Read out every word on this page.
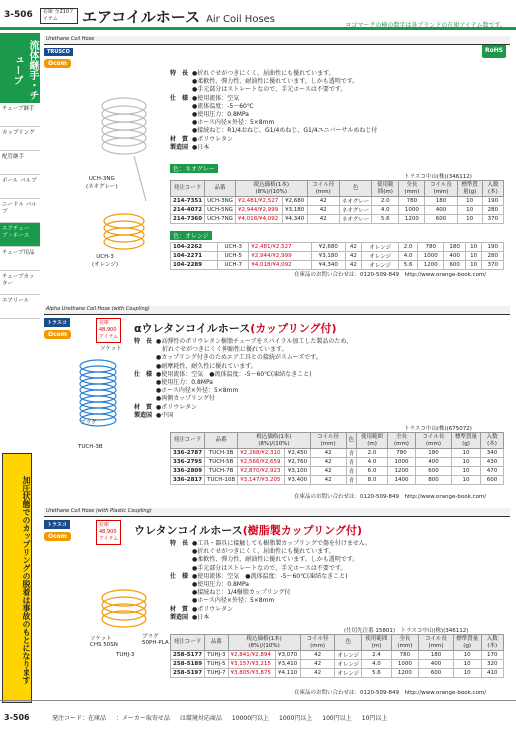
3-506	在庫 全210アイテム	エアコイルホース Air Coil Hoses
ロゴマークの横の数字は各ブランドの在庫アイテム数です。
RoHS
流体継手・チューブ
チューブ継手
カップリング
配管継手
ボール バルブ
ニードル バルブ
エアチューブ・ホース
チューブ用品
チューブカッター
エアリール
加圧状態でのカップリングの脱着は事故のもとになります
Urethane Coil Hose
TRUSCO
Ocom
特　長 ●折れぐせがつきにくく、屈曲性にも優れています。
●柔軟性、弾力性、耐油性に優れています。しかも透明です。
●手元部分はストレートなので、手元ホースは不要です。
仕　様 ●使用流体：空気
●流体温度：-5～60℃
●使用圧力：0.8MPa
●ホース内径×外径：5×8mm
●接続ねじ：R1/4おねじ、G1/4めねじ、G1/4ユニバーサルめねじ付
材　質 ●ポリウレタン
製造国 ●日本
UCH-3NG
(ネオグレー)
UCH-3
(オレンジ)
色：ネオグレー
トラスコ中山(株)(346112)
発注コード	品番	税込価格(1本) (8%)/(10%)		コイル径(mm)	色	使用範囲(m)	全長(mm)	コイル長(mm)	標準質量(g)	入数(本)
214-7351	UCH-3NG	¥2,481/¥2,527	¥2,680	42	ネオグレー	2.0	780	180	10	190
214-4072	UCH-5NG	¥2,944/¥2,999	¥3,180	42	ネオグレー	4.0	1000	400	10	280
214-7360	UCH-7NG	¥4,018/¥4,092	¥4,340	42	ネオグレー	5.6	1200	600	10	370
色：オレンジ
104-2262	UCH-3	¥2,481/¥2,527	¥2,680	42	オレンジ	2.0	780	180	10	190
104-2271	UCH-5	¥2,944/¥2,999	¥3,180	42	オレンジ	4.0	1000	400	10	280
104-2289	UCH-7	¥4,018/¥4,092	¥4,340	42	オレンジ	5.6	1200	600	10	370
在庫品のお問い合わせは：0120-509-849　http://www.orange-book.com/
Alpha Urethane Coil Hose (with Coupling)
トラスコ
Ocom
在庫
48,900
アイテム
αウレタンコイルホース(カップリング付)
特　長 ●高弾性のポリウレタン樹脂チューブをスパイラル加工した製品のため、
　折れぐせがつきにくく伸縮性に優れています。
●カップリング付きのためエア工具との接続がスムーズです。
●耐摩耗性、耐久性に優れています。
仕　様 ●使用流体：空気　●流体温度：-5～60℃(凍結なきこと)
●使用圧力：0.8MPa
●ホース内径×外径：5×8mm
●両側カップリング付
材　質 ●ポリウレタン
製造国 ●中国
ソケット
プラグ
TUCH-3B
トラスコ中山(株)(675072)
発注コード	品番	税込価格(1本) (8%)/(10%)		コイル径(mm)	色	使用範囲(m)	全長(mm)	コイル長(mm)	標準質量(g)	入数(本)
336-2787	TUCH-3B	¥2,268/¥2,310	¥2,450	42	青	2.0	780	180	10	340
336-2795	TUCH-5B	¥2,566/¥2,659	¥2,760	42	青	4.0	1000	400	10	430
336-2809	TUCH-7B	¥2,870/¥2,923	¥3,100	42	青	6.0	1200	600	10	470
336-2817	TUCH-10B	¥3,147/¥3,205	¥3,400	42	青	8.0	1400	800	10	600
在庫品のお問い合わせは：0120-509-849　http://www.orange-book.com/
Urethane Coil Hose (with Plastic Coupling)
トラスコ
Ocom
在庫
48,900
アイテム
ウレタンコイルホース(樹脂製カップリング付)
特　長 ●工具・器具に接触しても樹脂製カップリングで傷を付けません。
●折れぐせがつきにくく、屈曲性にも優れています。
●柔軟性、弾力性、耐油性に優れています。しかも透明です。
●手元部分はストレートなので、手元ホースは不要です。
仕　様 ●使用流体：空気　●流体温度：-5～60℃(凍結なきこと)
●使用圧力：0.8MPa
●接続ねじ：1/4樹脂カップリング付
●ホース内径×外径：5×8mm
材　質 ●ポリウレタン
製造国 ●日本
ソケット
CHS 50SN
プラグ
50PH-PLA
TUHJ-3
(仕切先注番 15801)　トラスコ中山(株)(346112)
発注コード	品番	税込価格(1本) (8%)/(10%)		コイル径(mm)	色	使用範囲(m)	全長(mm)	コイル長(mm)	標準質量(g)	入数(本)
258-5177	TUHJ-3	¥2,841/¥2,894	¥3,070	42	オレンジ	2.4	780	180	10	170
258-5189	TUHJ-5	¥3,157/¥3,215	¥3,410	42	オレンジ	4.0	1000	400	10	320
258-5197	TUHJ-7	¥3,805/¥3,875	¥4,110	42	オレンジ	5.6	1200	600	10	410
在庫品のお問い合わせは：0120-509-849　http://www.orange-book.com/
3-506	発注コード：在庫品 ：メーカー取寄せ品 は環境対応商品 10000円以上 1000円以上 100円以上 10円以上
